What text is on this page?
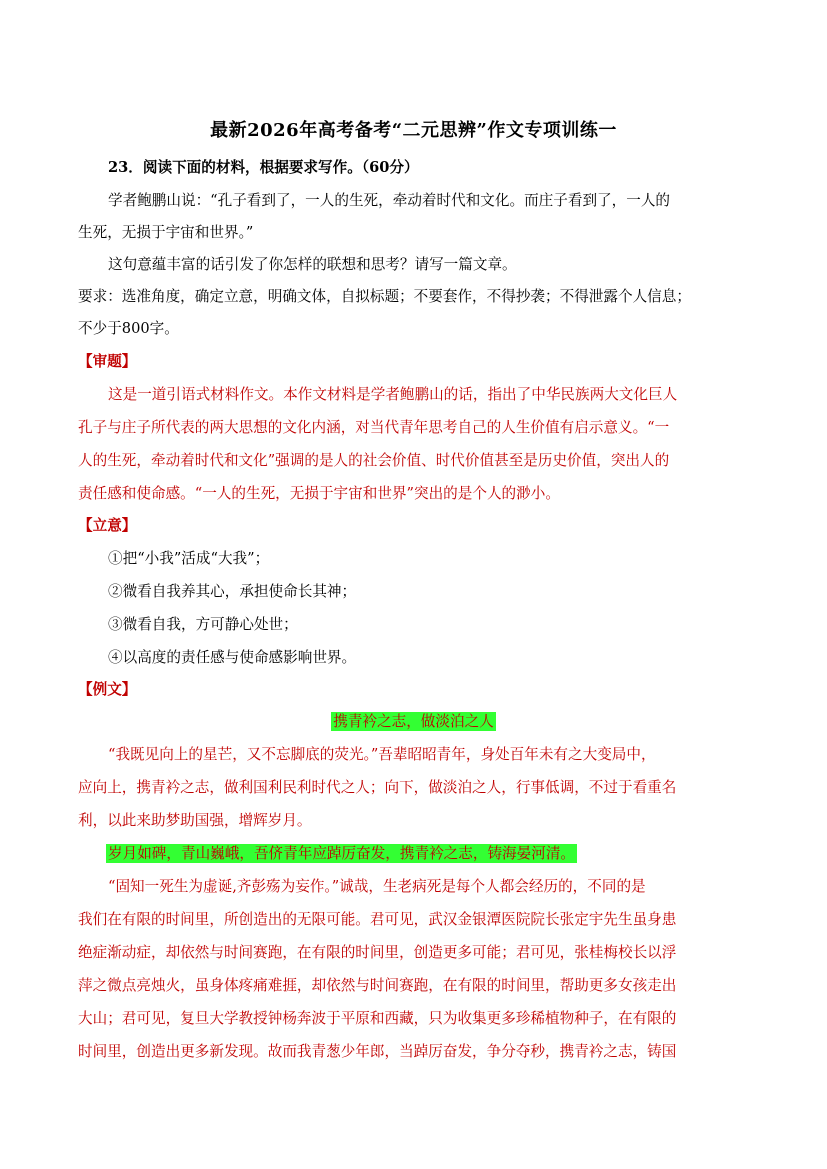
最新2026年高考备考“二元思辨”作文专项训练一
23．阅读下面的材料，根据要求写作。（60分）
学者鲍鹏山说：“孔子看到了，一人的生死，牵动着时代和文化。而庄子看到了，一人的
生死，无损于宇宙和世界。”
这句意蕴丰富的话引发了你怎样的联想和思考？请写一篇文章。
要求：选准角度，确定立意，明确文体，自拟标题；不要套作，不得抄袭；不得泄露个人信息；
不少于800字。
【审题】
这是一道引语式材料作文。本作文材料是学者鲍鹏山的话，指出了中华民族两大文化巨人
孔子与庄子所代表的两大思想的文化内涵，对当代青年思考自己的人生价值有启示意义。“一
人的生死，牵动着时代和文化”强调的是人的社会价值、时代价值甚至是历史价值，突出人的
责任感和使命感。“一人的生死，无损于宇宙和世界”突出的是个人的渺小。
【立意】
①把“小我”活成“大我”；
②微看自我养其心，承担使命长其神；
③微看自我，方可静心处世；
④以高度的责任感与使命感影响世界。
【例文】
携青衿之志，做淡泊之人
“我既见向上的星芒，又不忘脚底的荧光。”吾辈昭昭青年，身处百年未有之大变局中，
应向上，携青衿之志，做利国利民利时代之人；向下，做淡泊之人，行事低调，不过于看重名
利，以此来助梦助国强，增辉岁月。
岁月如碑，青山巍峨，吾侪青年应踔厉奋发，携青衿之志，铸海晏河清。
“固知一死生为虚诞,齐彭殇为妄作。”诚哉，生老病死是每个人都会经历的，不同的是
我们在有限的时间里，所创造出的无限可能。君可见，武汉金银潭医院院长张定宇先生虽身患
绝症渐动症，却依然与时间赛跑，在有限的时间里，创造更多可能；君可见，张桂梅校长以浮
萍之微点亮烛火，虽身体疼痛难捱，却依然与时间赛跑，在有限的时间里，帮助更多女孩走出
大山；君可见，复旦大学教授钟杨奔波于平原和西藏，只为收集更多珍稀植物种子，在有限的
时间里，创造出更多新发现。故而我青葱少年郎，当踔厉奋发，争分夺秒，携青衿之志，铸国
